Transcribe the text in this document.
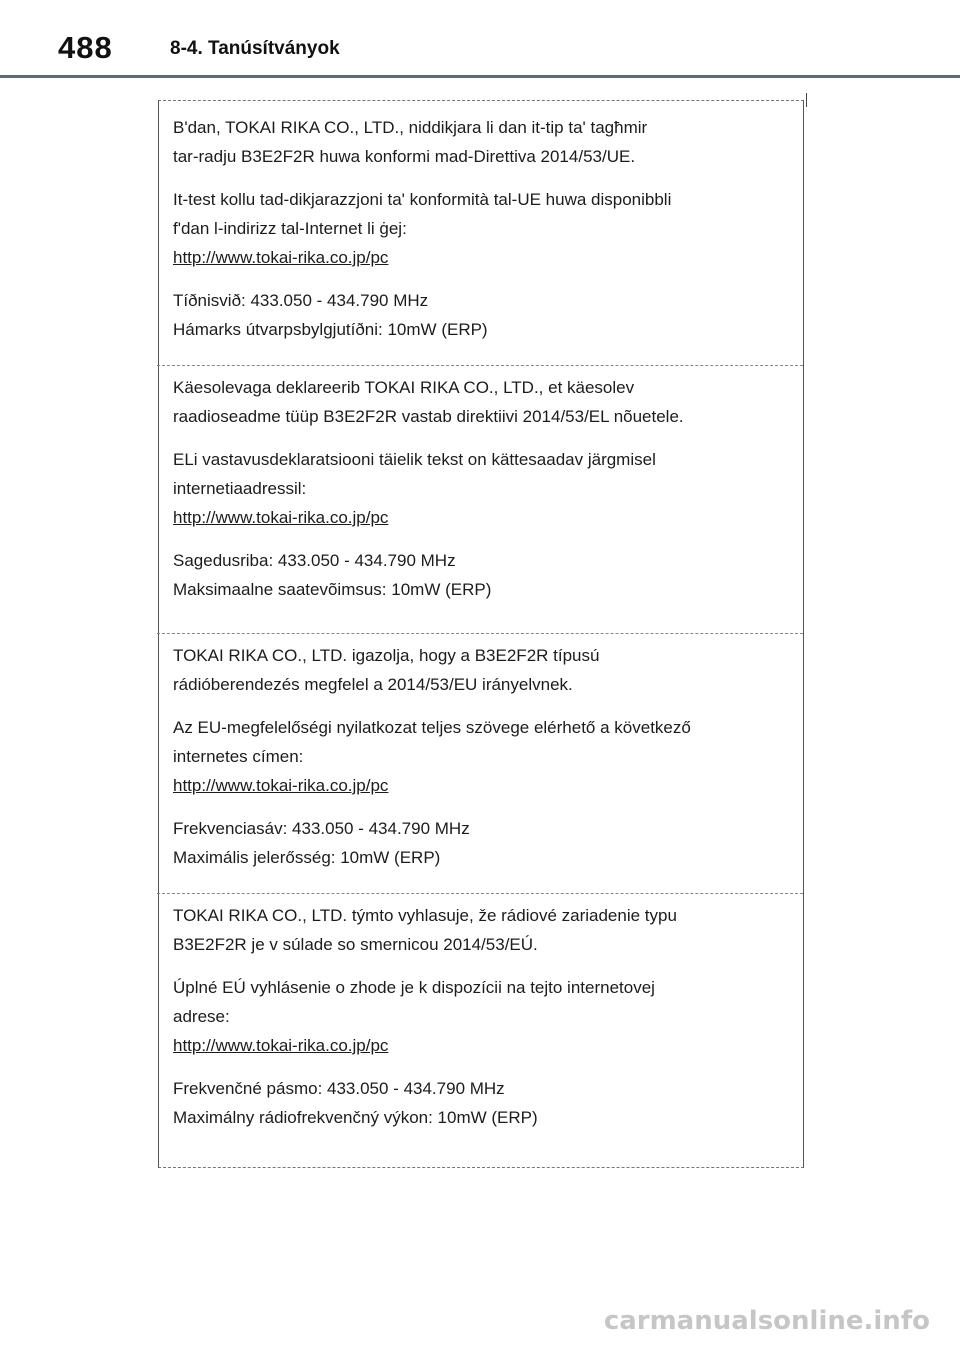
488	8-4. Tanúsítványok
B'dan, TOKAI RIKA CO., LTD., niddikjara li dan it-tip ta' tagħmir
tar-radju B3E2F2R huwa konformi mad-Direttiva 2014/53/UE.
It-test kollu tad-dikjarazzjoni ta' konformità tal-UE huwa disponibbli
f'dan l-indirizz tal-Internet li ġej:
http://www.tokai-rika.co.jp/pc
Tíðnisvið: 433.050 - 434.790 MHz
Hámarks útvarpsbylgjutíðni: 10mW (ERP)
Käesolevaga deklareerib TOKAI RIKA CO., LTD., et käesolev
raadioseadme tüüp B3E2F2R vastab direktiivi 2014/53/EL nõuetele.
ELi vastavusdeklaratsiooni täielik tekst on kättesaadav järgmisel
internetiaadressil:
http://www.tokai-rika.co.jp/pc
Sagedusriba: 433.050 - 434.790 MHz
Maksimaalne saatevõimsus: 10mW (ERP)
TOKAI RIKA CO., LTD. igazolja, hogy a B3E2F2R típusú
rádióberendezés megfelel a 2014/53/EU irányelvnek.
Az EU-megfelelőségi nyilatkozat teljes szövege elérhető a következő
internetes címen:
http://www.tokai-rika.co.jp/pc
Frekvenciasáv: 433.050 - 434.790 MHz
Maximális jelerősség: 10mW (ERP)
TOKAI RIKA CO., LTD. týmto vyhlasuje, že rádiové zariadenie typu
B3E2F2R je v súlade so smernicou 2014/53/EÚ.
Úplné EÚ vyhlásenie o zhode je k dispozícii na tejto internetovej
adrese:
http://www.tokai-rika.co.jp/pc
Frekvenčné pásmo: 433.050 - 434.790 MHz
Maximálny rádiofrekvenčný výkon: 10mW (ERP)
carmanualsonline.info
